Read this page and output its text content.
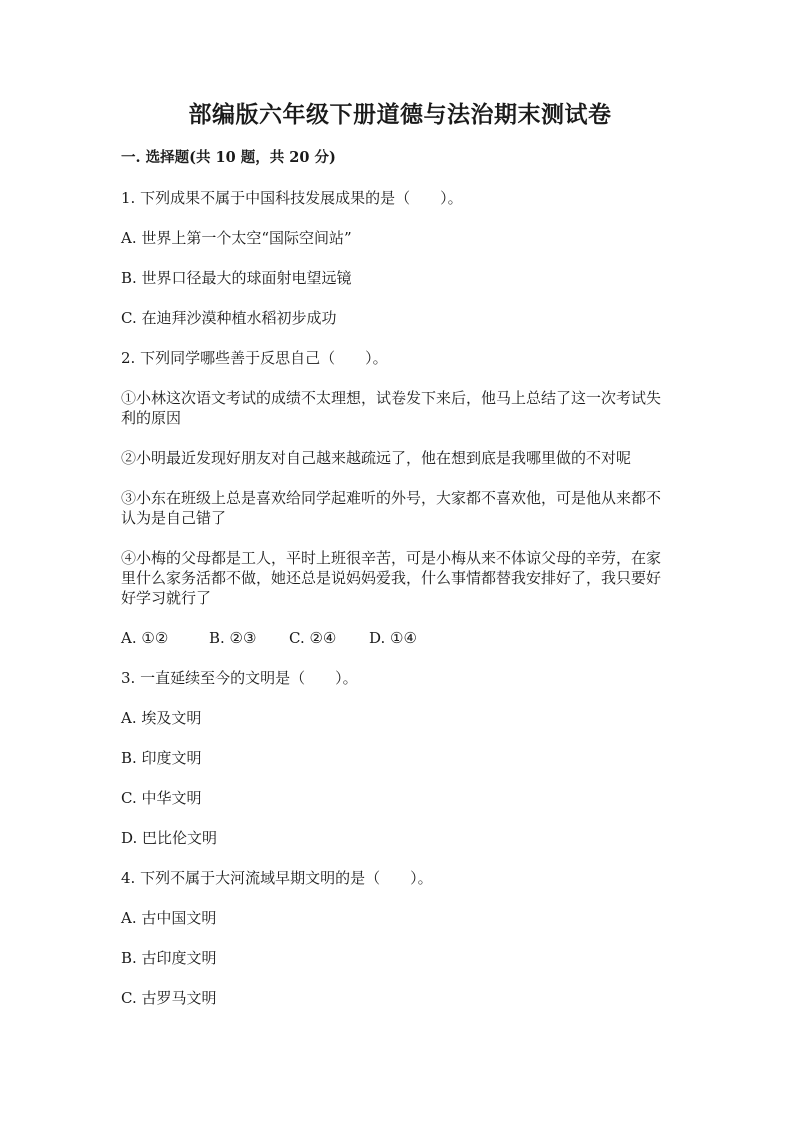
部编版六年级下册道德与法治期末测试卷
一. 选择题(共 10 题，共 20 分)
1. 下列成果不属于中国科技发展成果的是（　　）。
A. 世界上第一个太空“国际空间站”
B. 世界口径最大的球面射电望远镜
C. 在迪拜沙漠种植水稻初步成功
2. 下列同学哪些善于反思自己（　　）。
①小林这次语文考试的成绩不太理想，试卷发下来后，他马上总结了这一次考试失利的原因
②小明最近发现好朋友对自己越来越疏远了，他在想到底是我哪里做的不对呢
③小东在班级上总是喜欢给同学起难听的外号，大家都不喜欢他，可是他从来都不认为是自己错了
④小梅的父母都是工人，平时上班很辛苦，可是小梅从来不体谅父母的辛劳，在家里什么家务活都不做，她还总是说妈妈爱我，什么事情都替我安排好了，我只要好好学习就行了
A. ①②	B. ②③ C. ②④ D. ①④
3. 一直延续至今的文明是（　　）。
A. 埃及文明
B. 印度文明
C. 中华文明
D. 巴比伦文明
4. 下列不属于大河流域早期文明的是（　　）。
A. 古中国文明
B. 古印度文明
C. 古罗马文明
